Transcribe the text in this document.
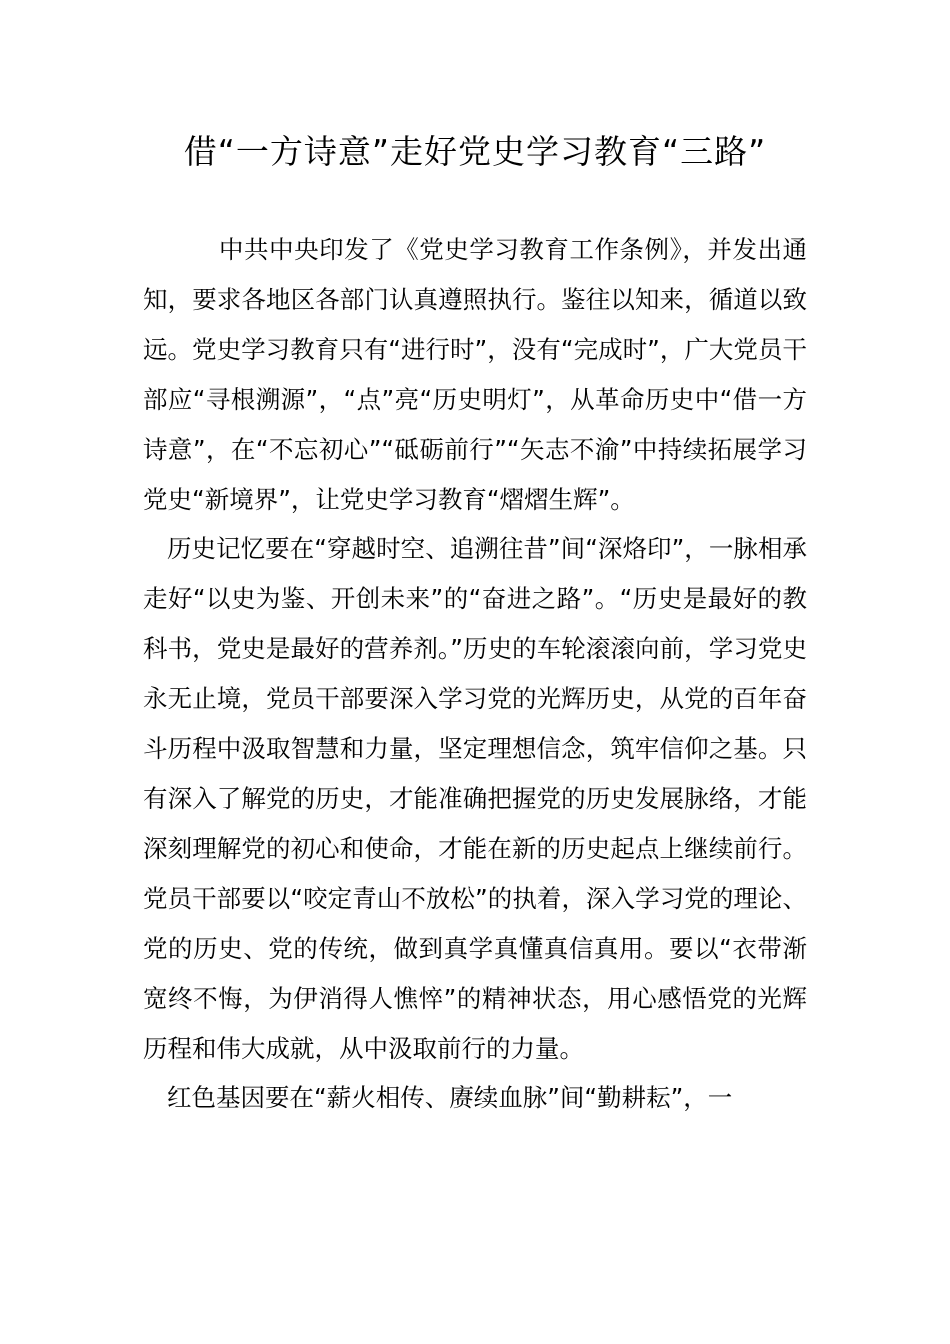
借“一方诗意”走好党史学习教育“三路”

中共中央印发了《党史学习教育工作条例》，并发出通知，要求各地区各部门认真遵照执行。鉴往以知来，循道以致远。党史学习教育只有“进行时”，没有“完成时”，广大党员干部应“寻根溯源”，“点”亮“历史明灯”，从革命历史中“借一方诗意”，在“不忘初心”“砥砺前行”“矢志不渝”中持续拓展学习党史“新境界”，让党史学习教育“熠熠生辉”。

历史记忆要在“穿越时空、追溯往昔”间“深烙印”，一脉相承走好“以史为鉴、开创未来”的“奋进之路”。“历史是最好的教科书，党史是最好的营养剂。”历史的车轮滚滚向前，学习党史永无止境，党员干部要深入学习党的光辉历史，从党的百年奋斗历程中汲取智慧和力量，坚定理想信念，筑牢信仰之基。只有深入了解党的历史，才能准确把握党的历史发展脉络，才能深刻理解党的初心和使命，才能在新的历史起点上继续前行。党员干部要以“咬定青山不放松”的执着，深入学习党的理论、党的历史、党的传统，做到真学真懂真信真用。要以“衣带渐宽终不悔，为伊消得人憔悴”的精神状态，用心感悟党的光辉历程和伟大成就，从中汲取前行的力量。

红色基因要在“薪火相传、赓续血脉”间“勤耕耘”，一
